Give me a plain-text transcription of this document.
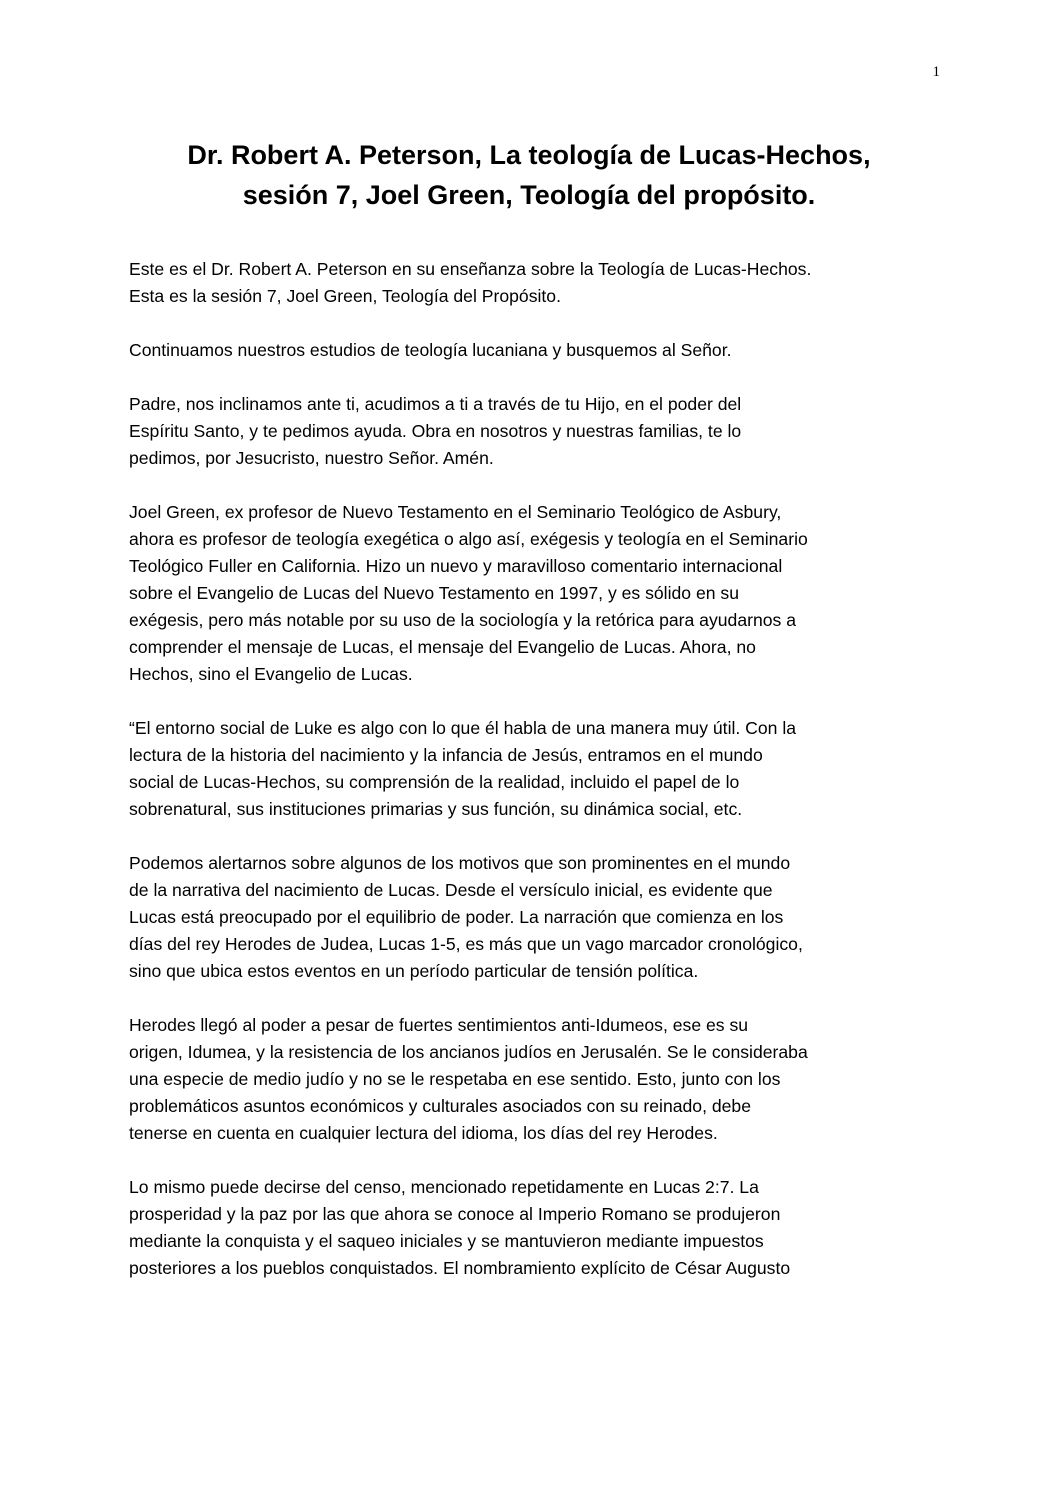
1
Dr. Robert A. Peterson, La teología de Lucas-Hechos,
sesión 7, Joel Green, Teología del propósito.

Este es el Dr. Robert A. Peterson en su enseñanza sobre la Teología de Lucas-Hechos.
Esta es la sesión 7, Joel Green, Teología del Propósito.

Continuamos nuestros estudios de teología lucaniana y busquemos al Señor.

Padre, nos inclinamos ante ti, acudimos a ti a través de tu Hijo, en el poder del
Espíritu Santo, y te pedimos ayuda. Obra en nosotros y nuestras familias, te lo
pedimos, por Jesucristo, nuestro Señor. Amén.

Joel Green, ex profesor de Nuevo Testamento en el Seminario Teológico de Asbury,
ahora es profesor de teología exegética o algo así, exégesis y teología en el Seminario
Teológico Fuller en California. Hizo un nuevo y maravilloso comentario internacional
sobre el Evangelio de Lucas del Nuevo Testamento en 1997, y es sólido en su
exégesis, pero más notable por su uso de la sociología y la retórica para ayudarnos a
comprender el mensaje de Lucas, el mensaje del Evangelio de Lucas. Ahora, no
Hechos, sino el Evangelio de Lucas.

“El entorno social de Luke es algo con lo que él habla de una manera muy útil. Con la
lectura de la historia del nacimiento y la infancia de Jesús, entramos en el mundo
social de Lucas-Hechos, su comprensión de la realidad, incluido el papel de lo
sobrenatural, sus instituciones primarias y sus función, su dinámica social, etc.

Podemos alertarnos sobre algunos de los motivos que son prominentes en el mundo
de la narrativa del nacimiento de Lucas. Desde el versículo inicial, es evidente que
Lucas está preocupado por el equilibrio de poder. La narración que comienza en los
días del rey Herodes de Judea, Lucas 1-5, es más que un vago marcador cronológico,
sino que ubica estos eventos en un período particular de tensión política.

Herodes llegó al poder a pesar de fuertes sentimientos anti-Idumeos, ese es su
origen, Idumea, y la resistencia de los ancianos judíos en Jerusalén. Se le consideraba
una especie de medio judío y no se le respetaba en ese sentido. Esto, junto con los
problemáticos asuntos económicos y culturales asociados con su reinado, debe
tenerse en cuenta en cualquier lectura del idioma, los días del rey Herodes.

Lo mismo puede decirse del censo, mencionado repetidamente en Lucas 2:7. La
prosperidad y la paz por las que ahora se conoce al Imperio Romano se produjeron
mediante la conquista y el saqueo iniciales y se mantuvieron mediante impuestos
posteriores a los pueblos conquistados. El nombramiento explícito de César Augusto
